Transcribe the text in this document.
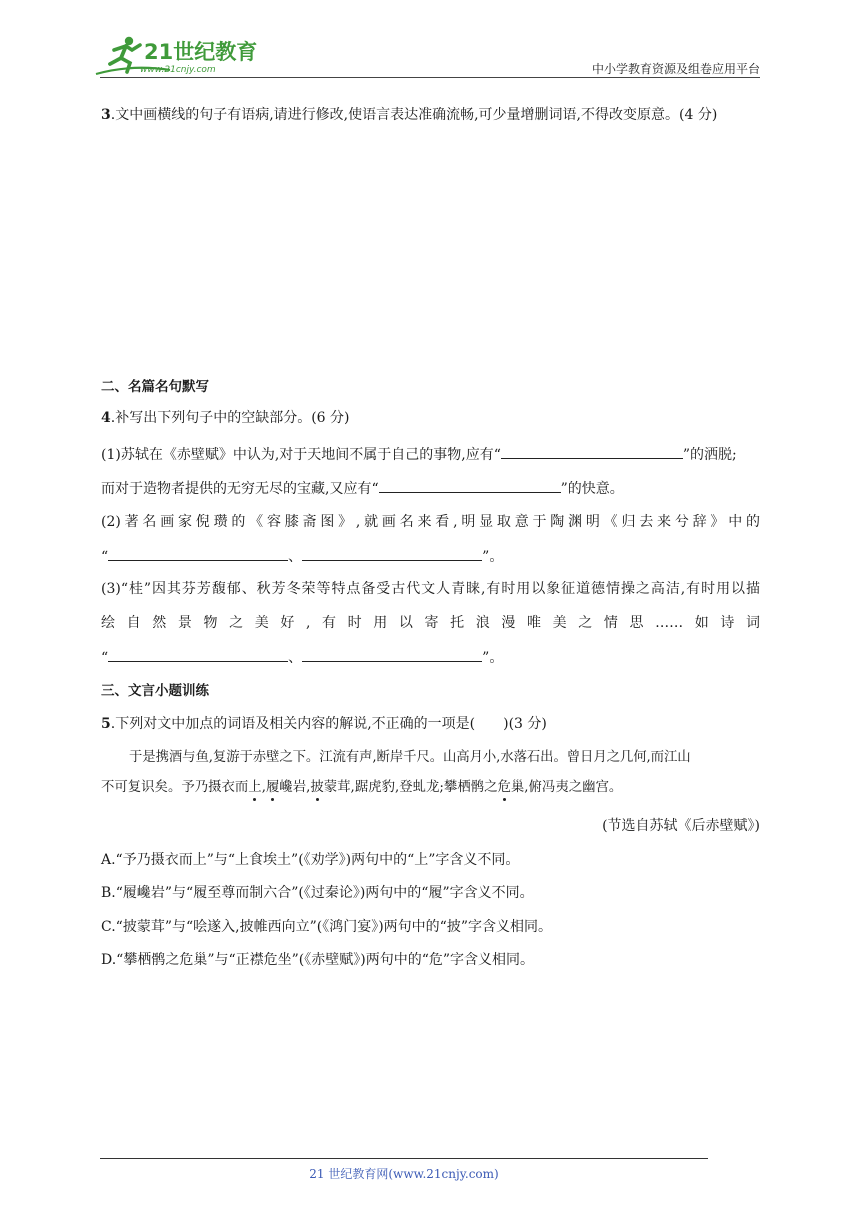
21世纪教育
www.21cnjy.com	中小学教育资源及组卷应用平台
3.文中画横线的句子有语病,请进行修改,使语言表达准确流畅,可少量增删词语,不得改变原意。(4 分)
二、名篇名句默写
4.补写出下列句子中的空缺部分。(6 分)
(1)苏轼在《赤壁赋》中认为,对于天地间不属于自己的事物,应有“	”的洒脱;
而对于造物者提供的无穷无尽的宝藏,又应有“	”的快意。
(2)著名画家倪瓒的《容膝斋图》,就画名来看,明显取意于陶渊明《归去来兮辞》中的
“	、	”。
(3)“桂”因其芬芳馥郁、秋芳冬荣等特点备受古代文人青睐,有时用以象征道德情操之高洁,有时用以描
绘自然景物之美好,有时用以寄托浪漫唯美之情思……如诗词
“	、	”。
三、文言小题训练
5.下列对文中加点的词语及相关内容的解说,不正确的一项是(　　)(3 分)
于是携酒与鱼,复游于赤壁之下。江流有声,断岸千尺。山高月小,水落石出。曾日月之几何,而江山
不可复识矣。予乃摄衣而上,履巉岩,披蒙茸,踞虎豹,登虬龙;攀栖鹘之危巢,俯冯夷之幽宫。
(节选自苏轼《后赤壁赋》)
A.“予乃摄衣而上”与“上食埃土”(《劝学》)两句中的“上”字含义不同。
B.“履巉岩”与“履至尊而制六合”(《过秦论》)两句中的“履”字含义不同。
C.“披蒙茸”与“哙遂入,披帷西向立”(《鸿门宴》)两句中的“披”字含义相同。
D.“攀栖鹘之危巢”与“正襟危坐”(《赤壁赋》)两句中的“危”字含义相同。
21 世纪教育网(www.21cnjy.com)
